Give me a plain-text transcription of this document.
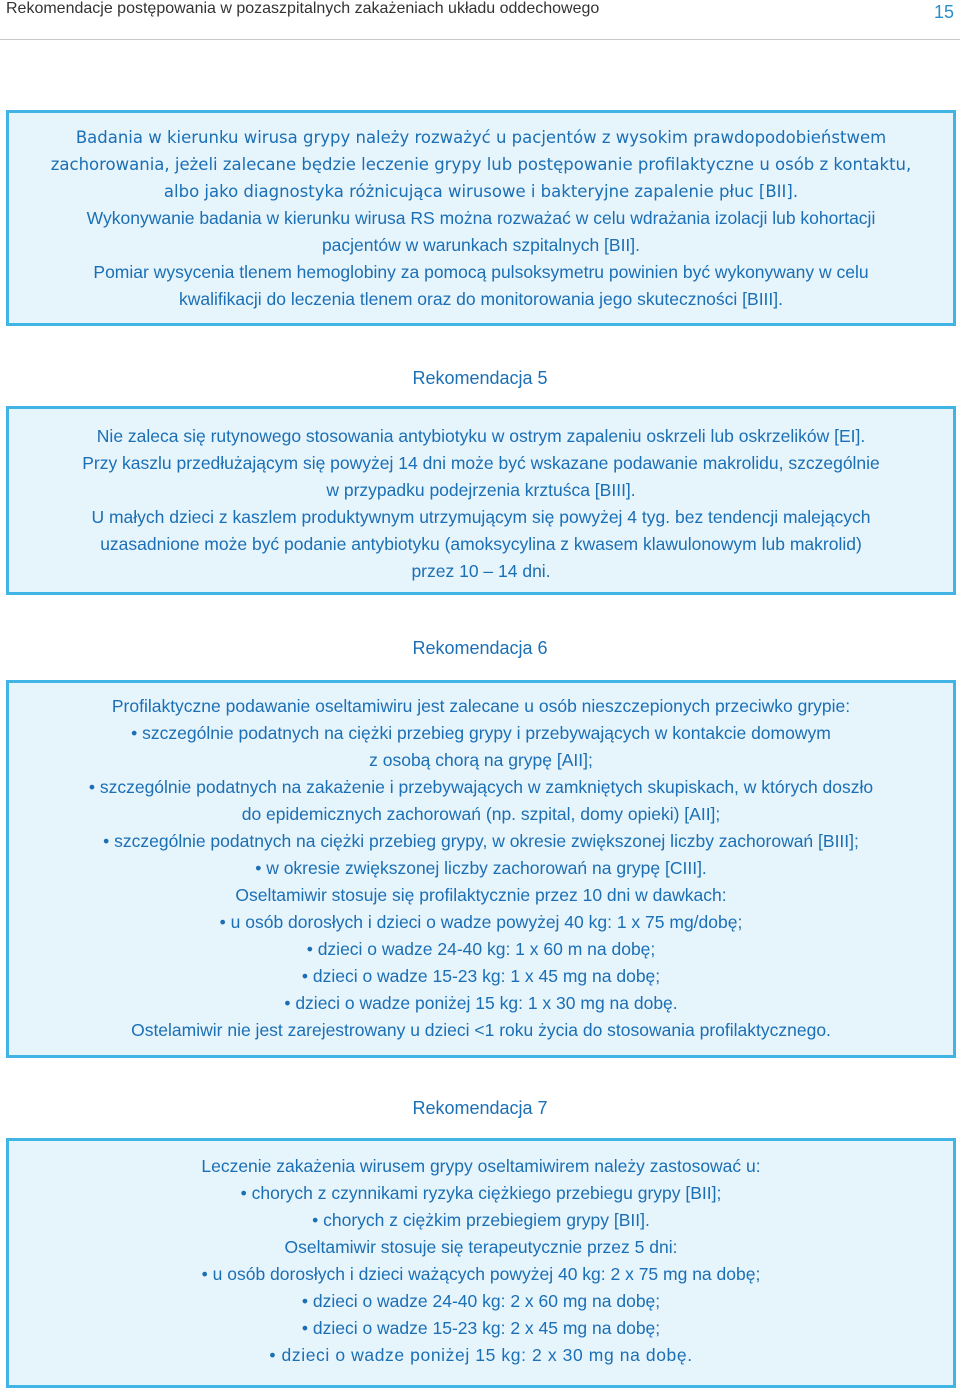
Rekomendacje postępowania w pozaszpitalnych zakażeniach układu oddechowego	15

Badania w kierunku wirusa grypy należy rozważyć u pacjentów z wysokim prawdopodobieństwem

zachorowania, jeżeli zalecane będzie leczenie grypy lub postępowanie profilaktyczne u osób z kontaktu,

albo jako diagnostyka różnicująca wirusowe i bakteryjne zapalenie płuc [BII].

Wykonywanie badania w kierunku wirusa RS można rozważać w celu wdrażania izolacji lub kohortacji

pacjentów w warunkach szpitalnych [BII].

Pomiar wysycenia tlenem hemoglobiny za pomocą pulsoksymetru powinien być wykonywany w celu

kwalifikacji do leczenia tlenem oraz do monitorowania jego skuteczności [BIII].

Rekomendacja 5

Nie zaleca się rutynowego stosowania antybiotyku w ostrym zapaleniu oskrzeli lub oskrzelików [EI].

Przy kaszlu przedłużającym się powyżej 14 dni może być wskazane podawanie makrolidu, szczególnie

w przypadku podejrzenia krztuśca [BIII].

U małych dzieci z kaszlem produktywnym utrzymującym się powyżej 4 tyg. bez tendencji malejących

uzasadnione może być podanie antybiotyku (amoksycylina z kwasem klawulonowym lub makrolid)

przez 10 – 14 dni.

Rekomendacja 6

Profilaktyczne podawanie oseltamiwiru jest zalecane u osób nieszczepionych przeciwko grypie:

• szczególnie podatnych na ciężki przebieg grypy i przebywających w kontakcie domowym

z osobą chorą na grypę [AII];

• szczególnie podatnych na zakażenie i przebywających w zamkniętych skupiskach, w których doszło

do epidemicznych zachorowań (np. szpital, domy opieki) [AII];

• szczególnie podatnych na ciężki przebieg grypy, w okresie zwiększonej liczby zachorowań [BIII];

• w okresie zwiększonej liczby zachorowań na grypę [CIII].

Oseltamiwir stosuje się profilaktycznie przez 10 dni w dawkach:

• u osób dorosłych i dzieci o wadze powyżej 40 kg: 1 x 75 mg/dobę;

• dzieci o wadze 24-40 kg: 1 x 60 m na dobę;

• dzieci o wadze 15-23 kg: 1 x 45 mg na dobę;

• dzieci o wadze poniżej 15 kg: 1 x 30 mg na dobę.

Ostelamiwir nie jest zarejestrowany u dzieci <1 roku życia do stosowania profilaktycznego.

Rekomendacja 7

Leczenie zakażenia wirusem grypy oseltamiwirem należy zastosować u:

• chorych z czynnikami ryzyka ciężkiego przebiegu grypy [BII];

• chorych z ciężkim przebiegiem grypy [BII].

Oseltamiwir stosuje się terapeutycznie przez 5 dni:

• u osób dorosłych i dzieci ważących powyżej 40 kg: 2 x 75 mg na dobę;

• dzieci o wadze 24-40 kg: 2 x 60 mg na dobę;

• dzieci o wadze 15-23 kg: 2 x 45 mg na dobę;

• dzieci o wadze poniżej 15 kg: 2 x 30 mg na dobę.
